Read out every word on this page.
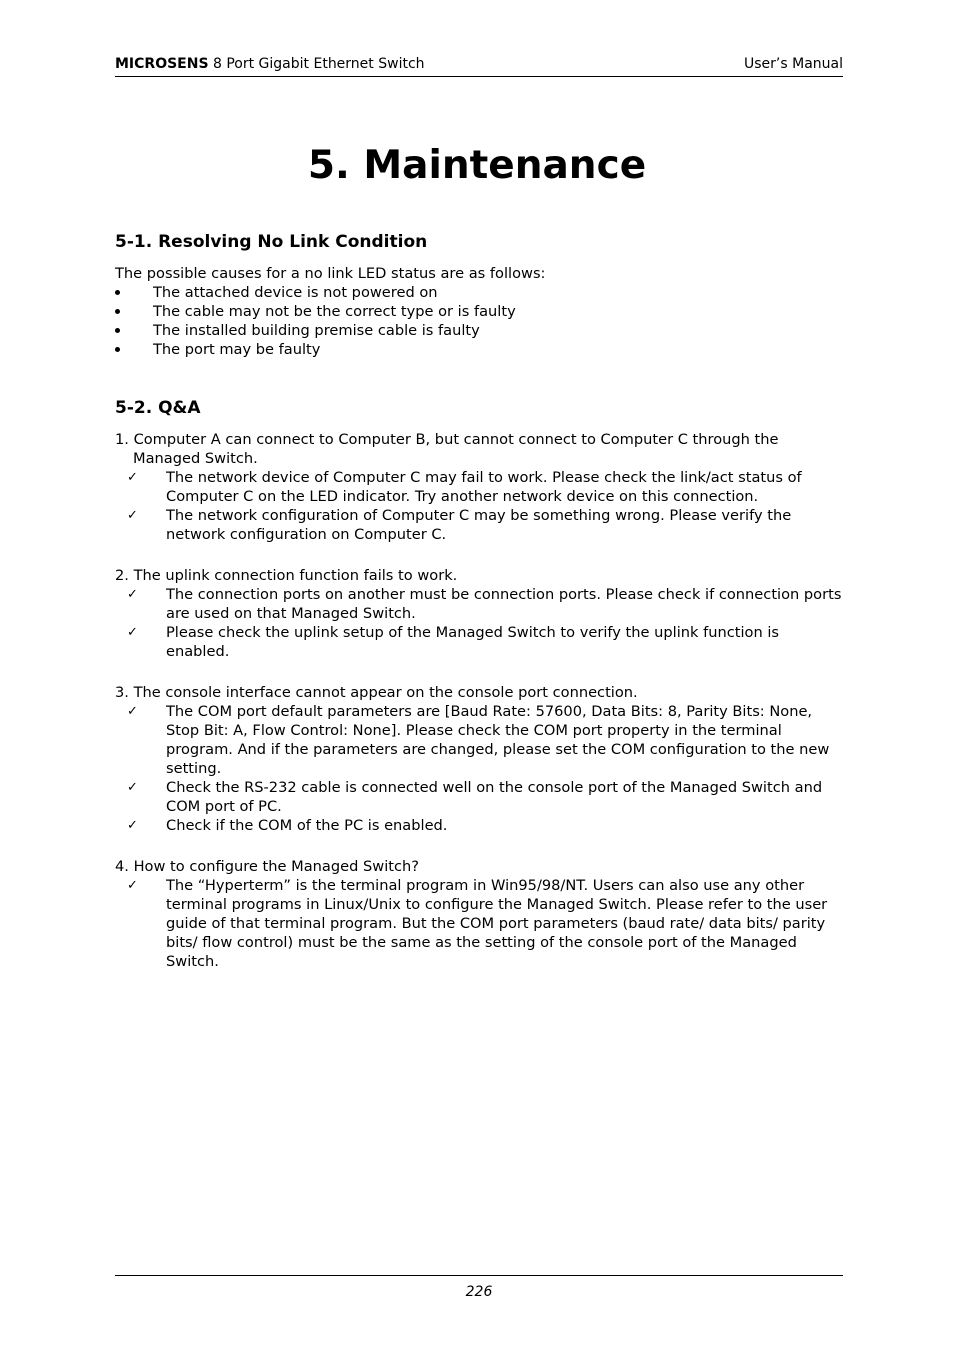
MICROSENS 8 Port Gigabit Ethernet Switch	User’s Manual
5. Maintenance
5-1. Resolving No Link Condition

The possible causes for a no link LED status are as follows:

The attached device is not powered on
The cable may not be the correct type or is faulty
The installed building premise cable is faulty
The port may be faulty
5-2. Q&A
1. Computer A can connect to Computer B, but cannot connect to Computer C through the Managed Switch.
✓ The network device of Computer C may fail to work. Please check the link/act status of Computer C on the LED indicator. Try another network device on this connection.
✓ The network configuration of Computer C may be something wrong. Please verify the network configuration on Computer C.
2. The uplink connection function fails to work.
✓ The connection ports on another must be connection ports. Please check if connection ports are used on that Managed Switch.
✓ Please check the uplink setup of the Managed Switch to verify the uplink function is enabled.
3. The console interface cannot appear on the console port connection.
✓ The COM port default parameters are [Baud Rate: 57600, Data Bits: 8, Parity Bits: None, Stop Bit: A, Flow Control: None]. Please check the COM port property in the terminal program. And if the parameters are changed, please set the COM configuration to the new setting.
✓ Check the RS-232 cable is connected well on the console port of the Managed Switch and COM port of PC.
✓ Check if the COM of the PC is enabled.
4. How to configure the Managed Switch?
✓ The “Hyperterm” is the terminal program in Win95/98/NT. Users can also use any other terminal programs in Linux/Unix to configure the Managed Switch. Please refer to the user guide of that terminal program. But the COM port parameters (baud rate/ data bits/ parity bits/ flow control) must be the same as the setting of the console port of the Managed Switch.
226
